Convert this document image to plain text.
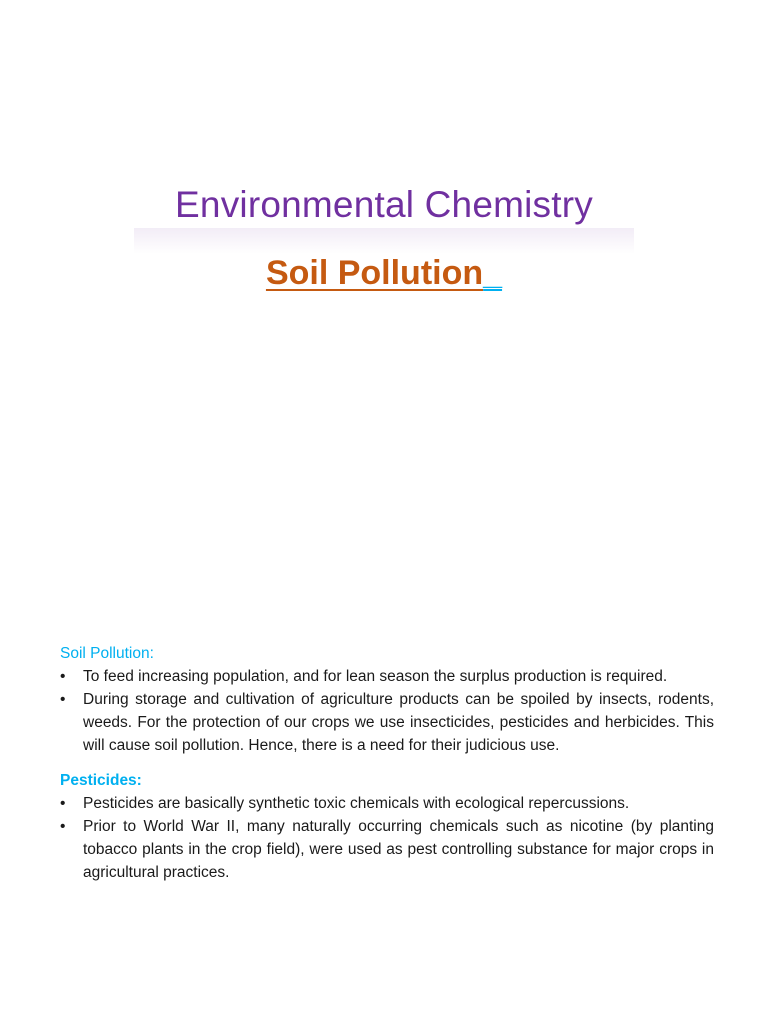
Environmental Chemistry
Soil Pollution_

Soil Pollution:

• To feed increasing population, and for lean season the surplus production is required.
• During storage and cultivation of agriculture products can be spoiled by insects, rodents, weeds. For the protection of our crops we use insecticides, pesticides and herbicides. This will cause soil pollution. Hence, there is a need for their judicious use.

Pesticides:

• Pesticides are basically synthetic toxic chemicals with ecological repercussions.
• Prior to World War II, many naturally occurring chemicals such as nicotine (by planting tobacco plants in the crop field), were used as pest controlling substance for major crops in agricultural practices.
